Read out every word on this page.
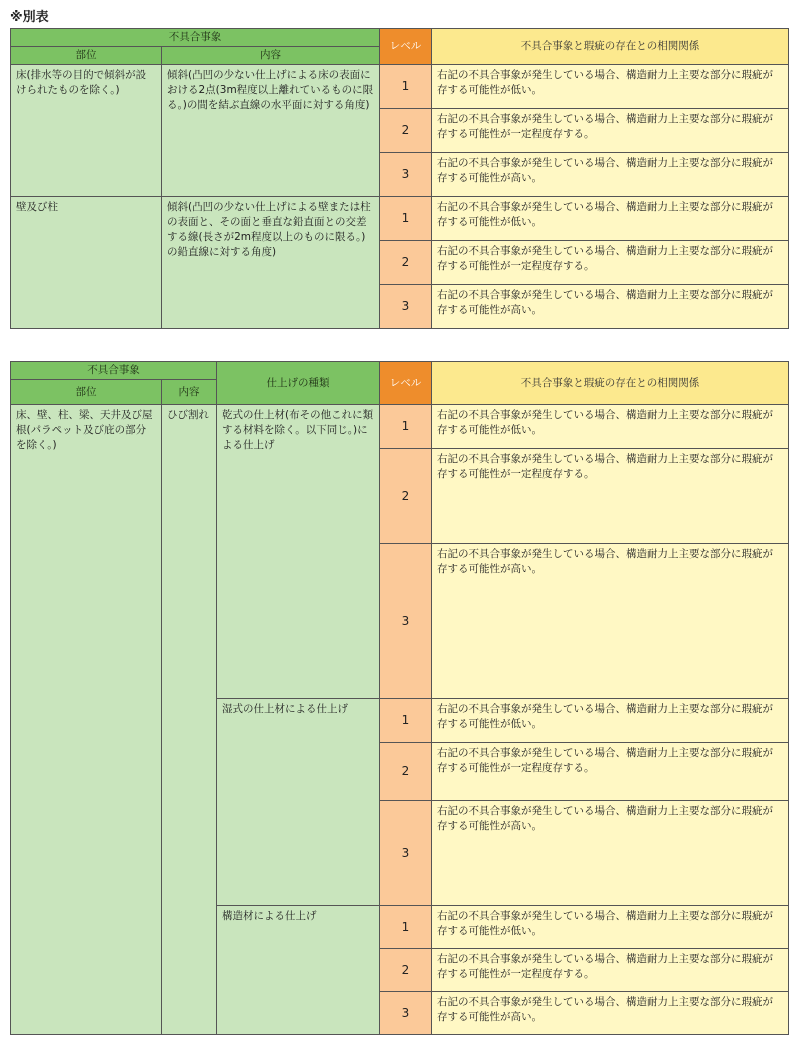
※別表
不具合事象		レベル	不具合事象と瑕疵の存在との相関関係
部位	内容		
床(排水等の目的で傾斜が設けられたものを除く。)	傾斜(凸凹の少ない仕上げによる床の表面における2点(3m程度以上離れているものに限る。)の間を結ぶ直線の水平面に対する角度)	1	右記の不具合事象が発生している場合、構造耐力上主要な部分に瑕疵が存する可能性が低い。
		2	右記の不具合事象が発生している場合、構造耐力上主要な部分に瑕疵が存する可能性が一定程度存する。
		3	右記の不具合事象が発生している場合、構造耐力上主要な部分に瑕疵が存する可能性が高い。
壁及び柱	傾斜(凸凹の少ない仕上げによる壁または柱の表面と、その面と垂直な鉛直面との交差する線(長さが2m程度以上のものに限る。)の鉛直線に対する角度)	1	右記の不具合事象が発生している場合、構造耐力上主要な部分に瑕疵が存する可能性が低い。
		2	右記の不具合事象が発生している場合、構造耐力上主要な部分に瑕疵が存する可能性が一定程度存する。
		3	右記の不具合事象が発生している場合、構造耐力上主要な部分に瑕疵が存する可能性が高い。
不具合事象		仕上げの種類	レベル	不具合事象と瑕疵の存在との相関関係
部位	内容			
床、壁、柱、梁、天井及び屋根(パラペット及び庇の部分を除く。)	ひび割れ	乾式の仕上材(布その他これに類する材料を除く。以下同じ。)による仕上げ	1	右記の不具合事象が発生している場合、構造耐力上主要な部分に瑕疵が存する可能性が低い。
			2	右記の不具合事象が発生している場合、構造耐力上主要な部分に瑕疵が存する可能性が一定程度存する。
			3	右記の不具合事象が発生している場合、構造耐力上主要な部分に瑕疵が存する可能性が高い。
		湿式の仕上材による仕上げ	1	右記の不具合事象が発生している場合、構造耐力上主要な部分に瑕疵が存する可能性が低い。
			2	右記の不具合事象が発生している場合、構造耐力上主要な部分に瑕疵が存する可能性が一定程度存する。
			3	右記の不具合事象が発生している場合、構造耐力上主要な部分に瑕疵が存する可能性が高い。
		構造材による仕上げ	1	右記の不具合事象が発生している場合、構造耐力上主要な部分に瑕疵が存する可能性が低い。
			2	右記の不具合事象が発生している場合、構造耐力上主要な部分に瑕疵が存する可能性が一定程度存する。
			3	右記の不具合事象が発生している場合、構造耐力上主要な部分に瑕疵が存する可能性が高い。
